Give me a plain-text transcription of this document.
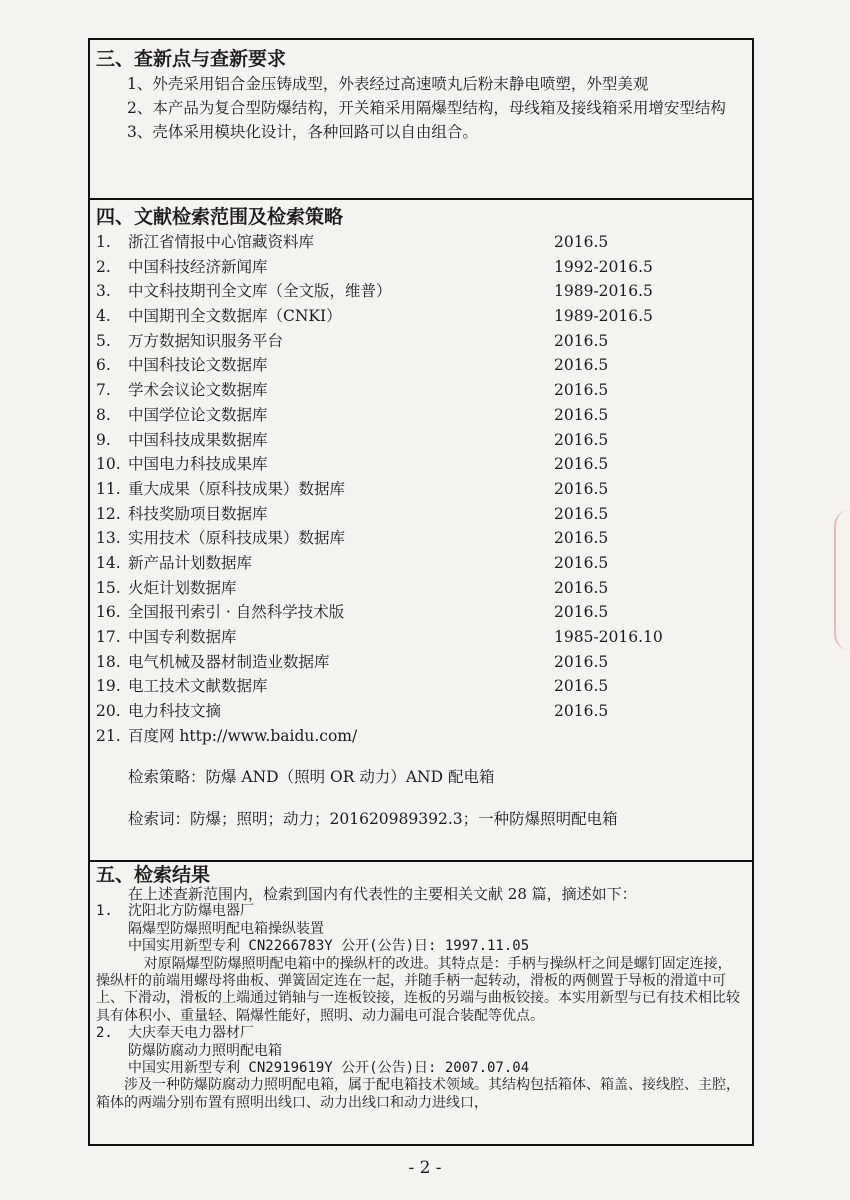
三、查新点与查新要求
1、外壳采用铝合金压铸成型，外表经过高速喷丸后粉末静电喷塑，外型美观
2、本产品为复合型防爆结构，开关箱采用隔爆型结构，母线箱及接线箱采用增安型结构
3、壳体采用模块化设计，各种回路可以自由组合。
四、文献检索范围及检索策略
1. 浙江省情报中心馆藏资料库	2016.5
2. 中国科技经济新闻库	1992-2016.5
3. 中文科技期刊全文库（全文版，维普）	1989-2016.5
4. 中国期刊全文数据库（CNKI）	1989-2016.5
5. 万方数据知识服务平台	2016.5
6. 中国科技论文数据库	2016.5
7. 学术会议论文数据库	2016.5
8. 中国学位论文数据库	2016.5
9. 中国科技成果数据库	2016.5
10. 中国电力科技成果库	2016.5
11. 重大成果（原科技成果）数据库	2016.5
12. 科技奖励项目数据库	2016.5
13. 实用技术（原科技成果）数据库	2016.5
14. 新产品计划数据库	2016.5
15. 火炬计划数据库	2016.5
16. 全国报刊索引 · 自然科学技术版	2016.5
17. 中国专利数据库	1985-2016.10
18. 电气机械及器材制造业数据库	2016.5
19. 电工技术文献数据库	2016.5
20. 电力科技文摘	2016.5
21. 百度网 http://www.baidu.com/
检索策略：防爆 AND（照明 OR 动力）AND 配电箱
检索词：防爆；照明；动力；201620989392.3；一种防爆照明配电箱
五、检索结果
在上述查新范围内，检索到国内有代表性的主要相关文献 28 篇，摘述如下：
1. 沈阳北方防爆电器厂
隔爆型防爆照明配电箱操纵装置
中国实用新型专利 CN2266783Y 公开(公告)日: 1997.11.05
对原隔爆型防爆照明配电箱中的操纵杆的改进。其特点是：手柄与操纵杆之间是螺钉固定连接，操纵杆的前端用螺母将曲板、弹簧固定连在一起，并随手柄一起转动，滑板的两侧置于导板的滑道中可上、下滑动，滑板的上端通过销轴与一连板铰接，连板的另端与曲板铰接。本实用新型与已有技术相比较具有体积小、重量轻、隔爆性能好，照明、动力漏电可混合装配等优点。
2. 大庆奉天电力器材厂
防爆防腐动力照明配电箱
中国实用新型专利 CN2919619Y 公开(公告)日: 2007.07.04
涉及一种防爆防腐动力照明配电箱，属于配电箱技术领域。其结构包括箱体、箱盖、接线腔、主腔，箱体的两端分别布置有照明出线口、动力出线口和动力进线口，
- 2 -
